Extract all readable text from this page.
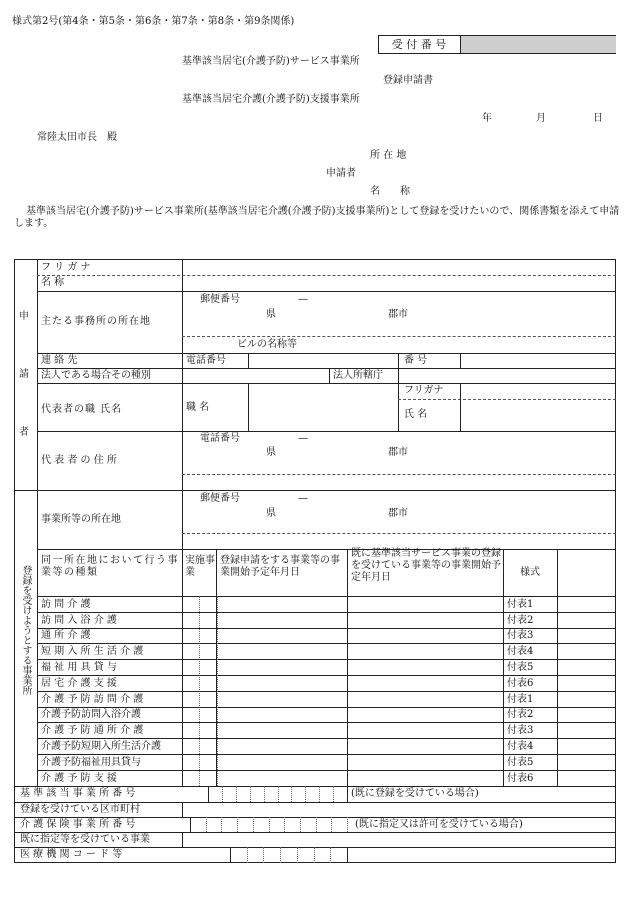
様式第2号(第4条・第5条・第6条・第7条・第8条・第9条関係)
受 付 番 号
基準該当居宅(介護予防)サービス事業所
登録申請書
基準該当居宅介護(介護予防)支援事業所
年	月	日
常陸太田市長　殿
所 在 地
申請者
名　　称
基準該当居宅(介護予防)サービス事業所(基準該当居宅介護(介護予防)支援事業所)として登録を受けたいので、関係書類を添えて申請します。
申
請
者
フ リ ガ ナ
名 称
主たる事務所の所在地
郵便番号	—
県	郡市
ビルの名称等
連 絡 先	電話番号	番 号
法人である場合その種別	法人所轄庁
代表者の職 氏名	職 名
フリガナ
氏 名
代 表 者 の 住 所
電話番号	—
県	郡市
登録を受けようとする事業所
事業所等の所在地
郵便番号	—
県	郡市
同一所在地において行う事業等の種類
実施事業
登録申請をする事業等の事業開始予定年月日
既に基準該当サービス事業の登録を受けている事業等の事業開始予定年月日	様式
訪 問 介 護	付表1
訪 問 入 浴 介 護	付表2
通 所 介 護	付表3
短 期 入 所 生 活 介 護	付表4
福 祉 用 具 貸 与	付表5
居 宅 介 護 支 援	付表6
介 護 予 防 訪 問 介 護	付表1
介護予防訪問入浴介護	付表2
介 護 予 防 通 所 介 護	付表3
介護予防短期入所生活介護	付表4
介護予防福祉用具貸与	付表5
介 護 予 防 支 援	付表6
基 準 該 当 事 業 所 番 号	(既に登録を受けている場合)
登録を受けている区市町村
介 護 保 険 事 業 所 番 号	(既に指定又は許可を受けている場合)
既に指定等を受けている事業
医 療 機 関 コ ー ド 等
